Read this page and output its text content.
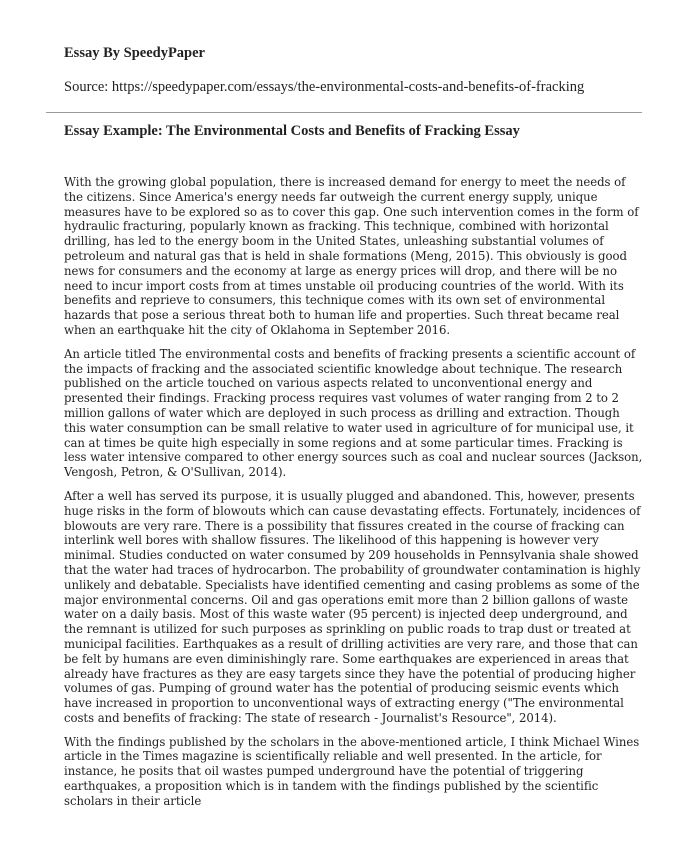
Essay By SpeedyPaper

Source: https://speedypaper.com/essays/the-environmental-costs-and-benefits-of-fracking

Essay Example: The Environmental Costs and Benefits of Fracking Essay

With the growing global population, there is increased demand for energy to meet the needs of the citizens. Since America's energy needs far outweigh the current energy supply, unique measures have to be explored so as to cover this gap. One such intervention comes in the form of hydraulic fracturing, popularly known as fracking. This technique, combined with horizontal drilling, has led to the energy boom in the United States, unleashing substantial volumes of petroleum and natural gas that is held in shale formations (Meng, 2015). This obviously is good news for consumers and the economy at large as energy prices will drop, and there will be no need to incur import costs from at times unstable oil producing countries of the world. With its benefits and reprieve to consumers, this technique comes with its own set of environmental hazards that pose a serious threat both to human life and properties. Such threat became real when an earthquake hit the city of Oklahoma in September 2016.

An article titled The environmental costs and benefits of fracking presents a scientific account of the impacts of fracking and the associated scientific knowledge about technique. The research published on the article touched on various aspects related to unconventional energy and presented their findings. Fracking process requires vast volumes of water ranging from 2 to 2 million gallons of water which are deployed in such process as drilling and extraction. Though this water consumption can be small relative to water used in agriculture of for municipal use, it can at times be quite high especially in some regions and at some particular times. Fracking is less water intensive compared to other energy sources such as coal and nuclear sources (Jackson, Vengosh, Petron, & O'Sullivan, 2014).

After a well has served its purpose, it is usually plugged and abandoned. This, however, presents huge risks in the form of blowouts which can cause devastating effects. Fortunately, incidences of blowouts are very rare. There is a possibility that fissures created in the course of fracking can interlink well bores with shallow fissures. The likelihood of this happening is however very minimal. Studies conducted on water consumed by 209 households in Pennsylvania shale showed that the water had traces of hydrocarbon. The probability of groundwater contamination is highly unlikely and debatable. Specialists have identified cementing and casing problems as some of the major environmental concerns. Oil and gas operations emit more than 2 billion gallons of waste water on a daily basis. Most of this waste water (95 percent) is injected deep underground, and the remnant is utilized for such purposes as sprinkling on public roads to trap dust or treated at municipal facilities. Earthquakes as a result of drilling activities are very rare, and those that can be felt by humans are even diminishingly rare. Some earthquakes are experienced in areas that already have fractures as they are easy targets since they have the potential of producing higher volumes of gas. Pumping of ground water has the potential of producing seismic events which have increased in proportion to unconventional ways of extracting energy ("The environmental costs and benefits of fracking: The state of research - Journalist's Resource", 2014).

With the findings published by the scholars in the above-mentioned article, I think Michael Wines article in the Times magazine is scientifically reliable and well presented. In the article, for instance, he posits that oil wastes pumped underground have the potential of triggering earthquakes, a proposition which is in tandem with the findings published by the scientific scholars in their article
